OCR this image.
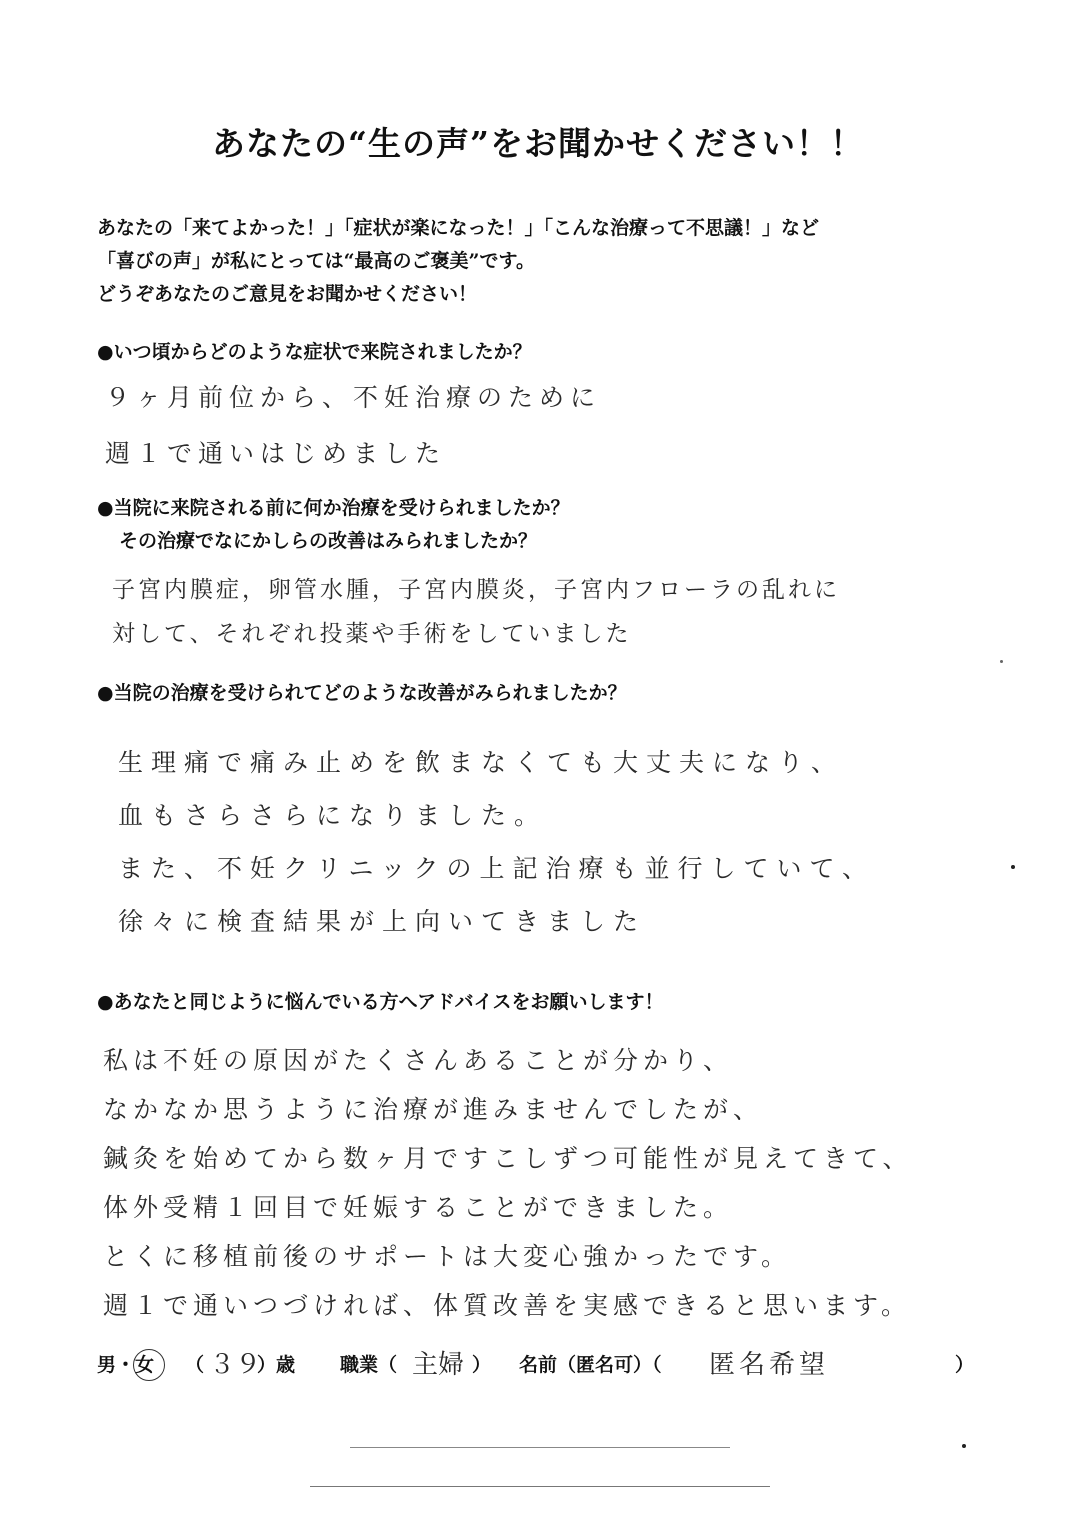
あなたの“生の声”をお聞かせください！！
あなたの「来てよかった！」「症状が楽になった！」「こんな治療って不思議！」など
「喜びの声」が私にとっては“最高のご褒美”です。
どうぞあなたのご意見をお聞かせください！
●いつ頃からどのような症状で来院されましたか？
９ヶ月前位から、不妊治療のために
週１で通いはじめました
●当院に来院される前に何か治療を受けられましたか？
その治療でなにかしらの改善はみられましたか？
子宮内膜症，卵管水腫，子宮内膜炎，子宮内フローラの乱れに
対して、それぞれ投薬や手術をしていました
●当院の治療を受けられてどのような改善がみられましたか？
生理痛で痛み止めを飲まなくても大丈夫になり、
血もさらさらになりました。
また、不妊クリニックの上記治療も並行していて、
徐々に検査結果が上向いてきました
●あなたと同じように悩んでいる方へアドバイスをお願いします！
私は不妊の原因がたくさんあることが分かり、
なかなか思うように治療が進みませんでしたが、
鍼灸を始めてから数ヶ月ですこしずつ可能性が見えてきて、
体外受精１回目で妊娠することができました。
とくに移植前後のサポートは大変心強かったです。
週１で通いつづければ、体質改善を実感できると思います。
男・女 （ ３９
）歳 職業（ 主婦 ） 名前（匿名可）（ 匿名希望	）
